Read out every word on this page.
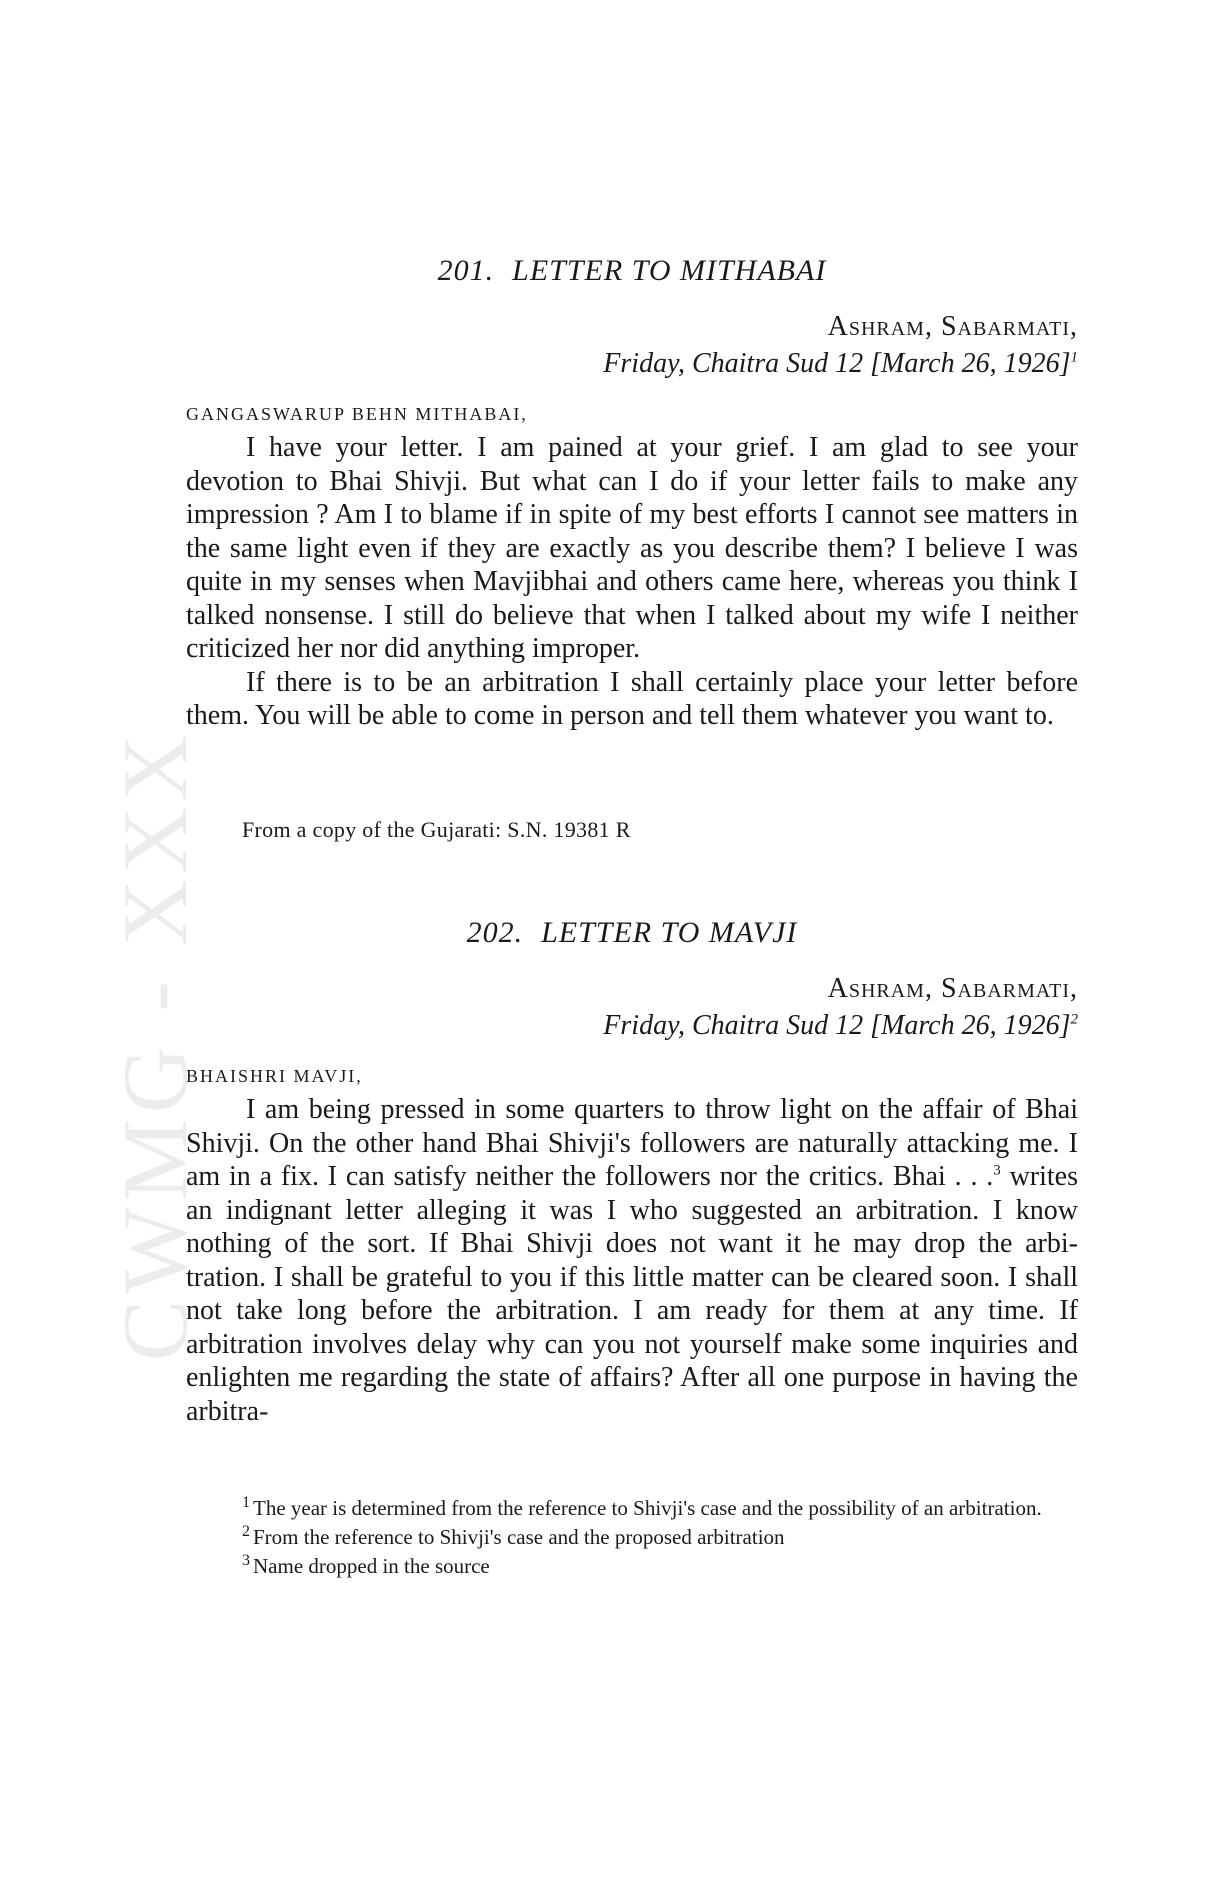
CWMG - XXX
201. LETTER TO MITHABAI
Ashram, Sabarmati,
Friday, Chaitra Sud 12 [March 26, 1926]$^1$
GANGASWARUP BEHN MITHABAI,

I have your letter. I am pained at your grief. I am glad to see your devotion to Bhai Shivji. But what can I do if your letter fails to make any impression ? Am I to blame if in spite of my best efforts I cannot see matters in the same light even if they are exactly as you describe them? I believe I was quite in my senses when Mavjibhai and others came here, whereas you think I talked nonsense. I still do believe that when I talked about my wife I neither criticized her nor did anything improper.

If there is to be an arbitration I shall certainly place your letter before them. You will be able to come in person and tell them whatever you want to.

From a copy of the Gujarati: S.N. 19381 R
202. LETTER TO MAVJI
Ashram, Sabarmati,
Friday, Chaitra Sud 12 [March 26, 1926]$^2$
BHAISHRI MAVJI,

I am being pressed in some quarters to throw light on the affair of Bhai Shivji. On the other hand Bhai Shivji's followers are naturally attacking me. I am in a fix. I can satisfy neither the followers nor the critics. Bhai . . .$^3$ writes an indignant letter alleging it was I who suggested an arbitration. I know nothing of the sort. If Bhai Shivji does not want it he may drop the arbi- tration. I shall be grateful to you if this little matter can be cleared soon. I shall not take long before the arbitration. I am ready for them at any time. If arbitration involves delay why can you not yourself make some inquiries and enlighten me regarding the state of affairs? After all one purpose in having the arbitra-

$^1$ The year is determined from the reference to Shivji's case and the possibility of an arbitration.
$^2$ From the reference to Shivji's case and the proposed arbitration
$^3$ Name dropped in the source
